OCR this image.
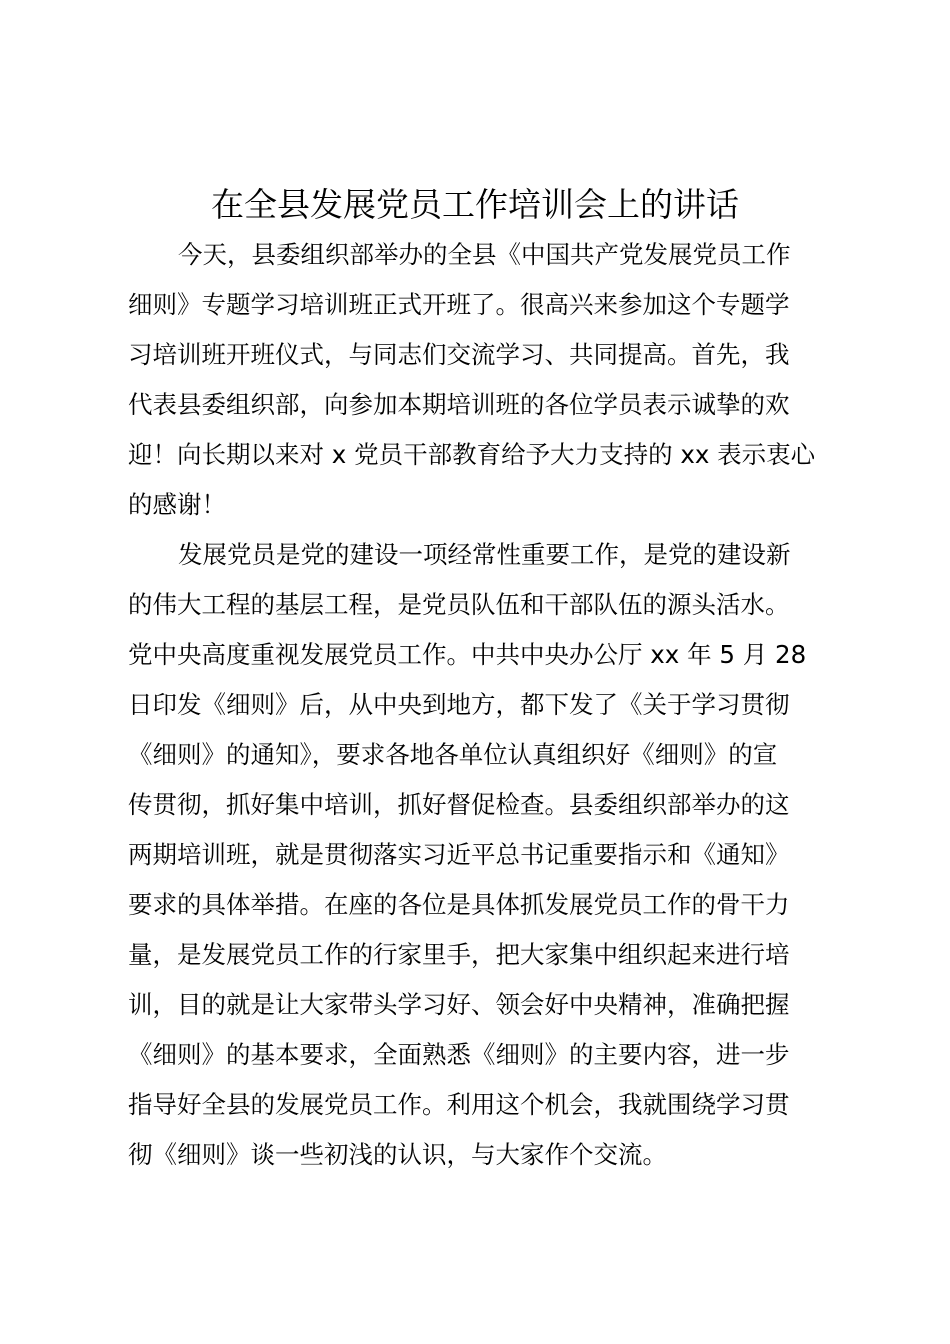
在全县发展党员工作培训会上的讲话

今天，县委组织部举办的全县《中国共产党发展党员工作
细则》专题学习培训班正式开班了。很高兴来参加这个专题学
习培训班开班仪式，与同志们交流学习、共同提高。首先，我
代表县委组织部，向参加本期培训班的各位学员表示诚挚的欢
迎！向长期以来对 x 党员干部教育给予大力支持的 xx 表示衷心
的感谢！

发展党员是党的建设一项经常性重要工作，是党的建设新
的伟大工程的基层工程，是党员队伍和干部队伍的源头活水。
党中央高度重视发展党员工作。中共中央办公厅 xx 年 5 月 28
日印发《细则》后，从中央到地方，都下发了《关于学习贯彻
《细则》的通知》，要求各地各单位认真组织好《细则》的宣
传贯彻，抓好集中培训，抓好督促检查。县委组织部举办的这
两期培训班，就是贯彻落实习近平总书记重要指示和《通知》
要求的具体举措。在座的各位是具体抓发展党员工作的骨干力
量，是发展党员工作的行家里手，把大家集中组织起来进行培
训，目的就是让大家带头学习好、领会好中央精神，准确把握
《细则》的基本要求，全面熟悉《细则》的主要内容，进一步
指导好全县的发展党员工作。利用这个机会，我就围绕学习贯
彻《细则》谈一些初浅的认识，与大家作个交流。
